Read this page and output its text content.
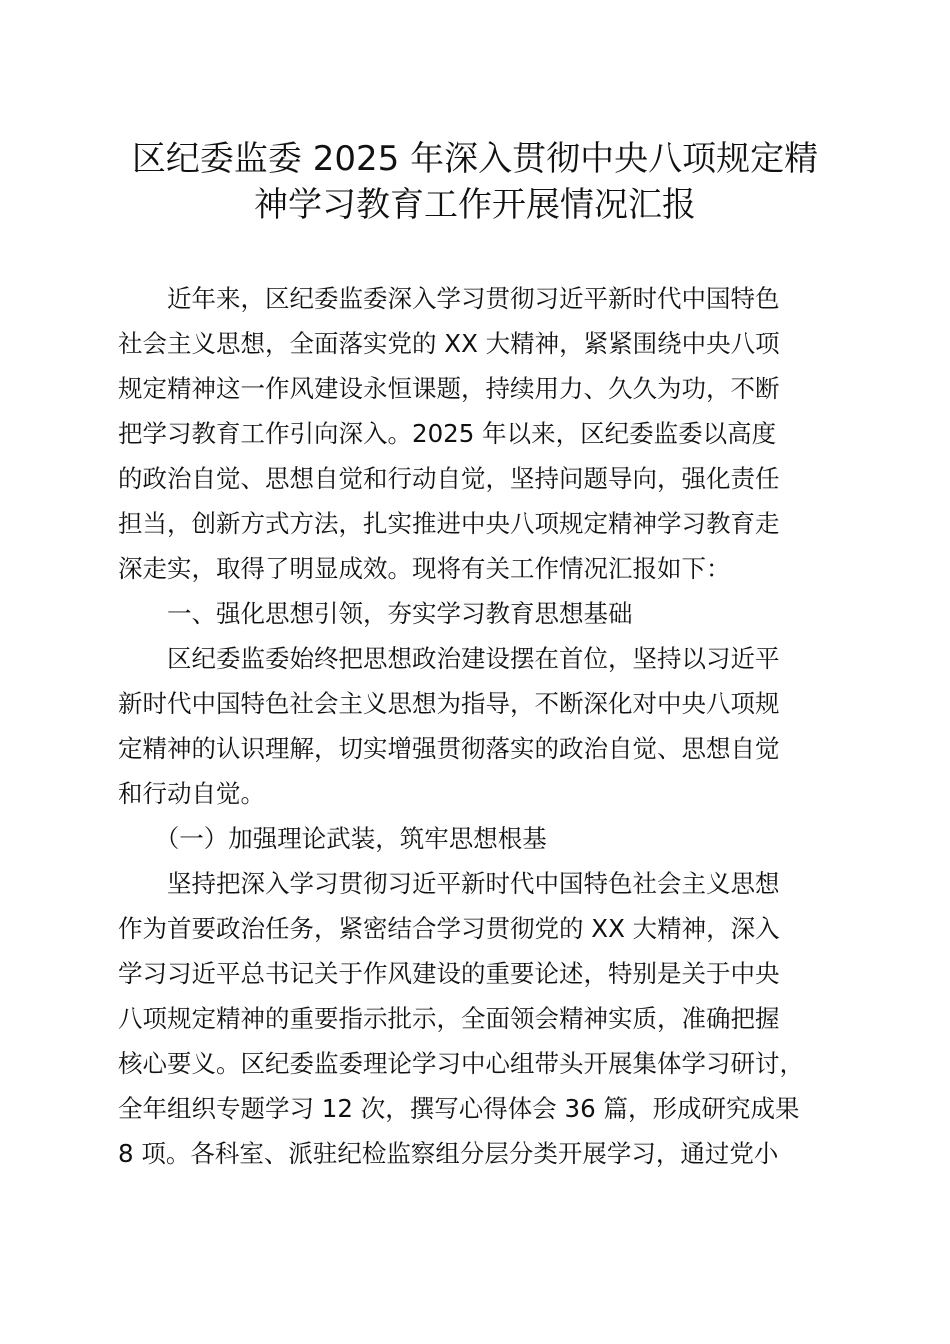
区纪委监委 2025 年深入贯彻中央八项规定精
神学习教育工作开展情况汇报
　　近年来，区纪委监委深入学习贯彻习近平新时代中国特色
社会主义思想，全面落实党的 XX 大精神，紧紧围绕中央八项
规定精神这一作风建设永恒课题，持续用力、久久为功，不断
把学习教育工作引向深入。2025 年以来，区纪委监委以高度
的政治自觉、思想自觉和行动自觉，坚持问题导向，强化责任
担当，创新方式方法，扎实推进中央八项规定精神学习教育走
深走实，取得了明显成效。现将有关工作情况汇报如下：
　　一、强化思想引领，夯实学习教育思想基础
　　区纪委监委始终把思想政治建设摆在首位，坚持以习近平
新时代中国特色社会主义思想为指导，不断深化对中央八项规
定精神的认识理解，切实增强贯彻落实的政治自觉、思想自觉
和行动自觉。
　　（一）加强理论武装，筑牢思想根基
　　坚持把深入学习贯彻习近平新时代中国特色社会主义思想
作为首要政治任务，紧密结合学习贯彻党的 XX 大精神，深入
学习习近平总书记关于作风建设的重要论述，特别是关于中央
八项规定精神的重要指示批示，全面领会精神实质，准确把握
核心要义。区纪委监委理论学习中心组带头开展集体学习研讨，
全年组织专题学习 12 次，撰写心得体会 36 篇，形成研究成果
8 项。各科室、派驻纪检监察组分层分类开展学习，通过党小
